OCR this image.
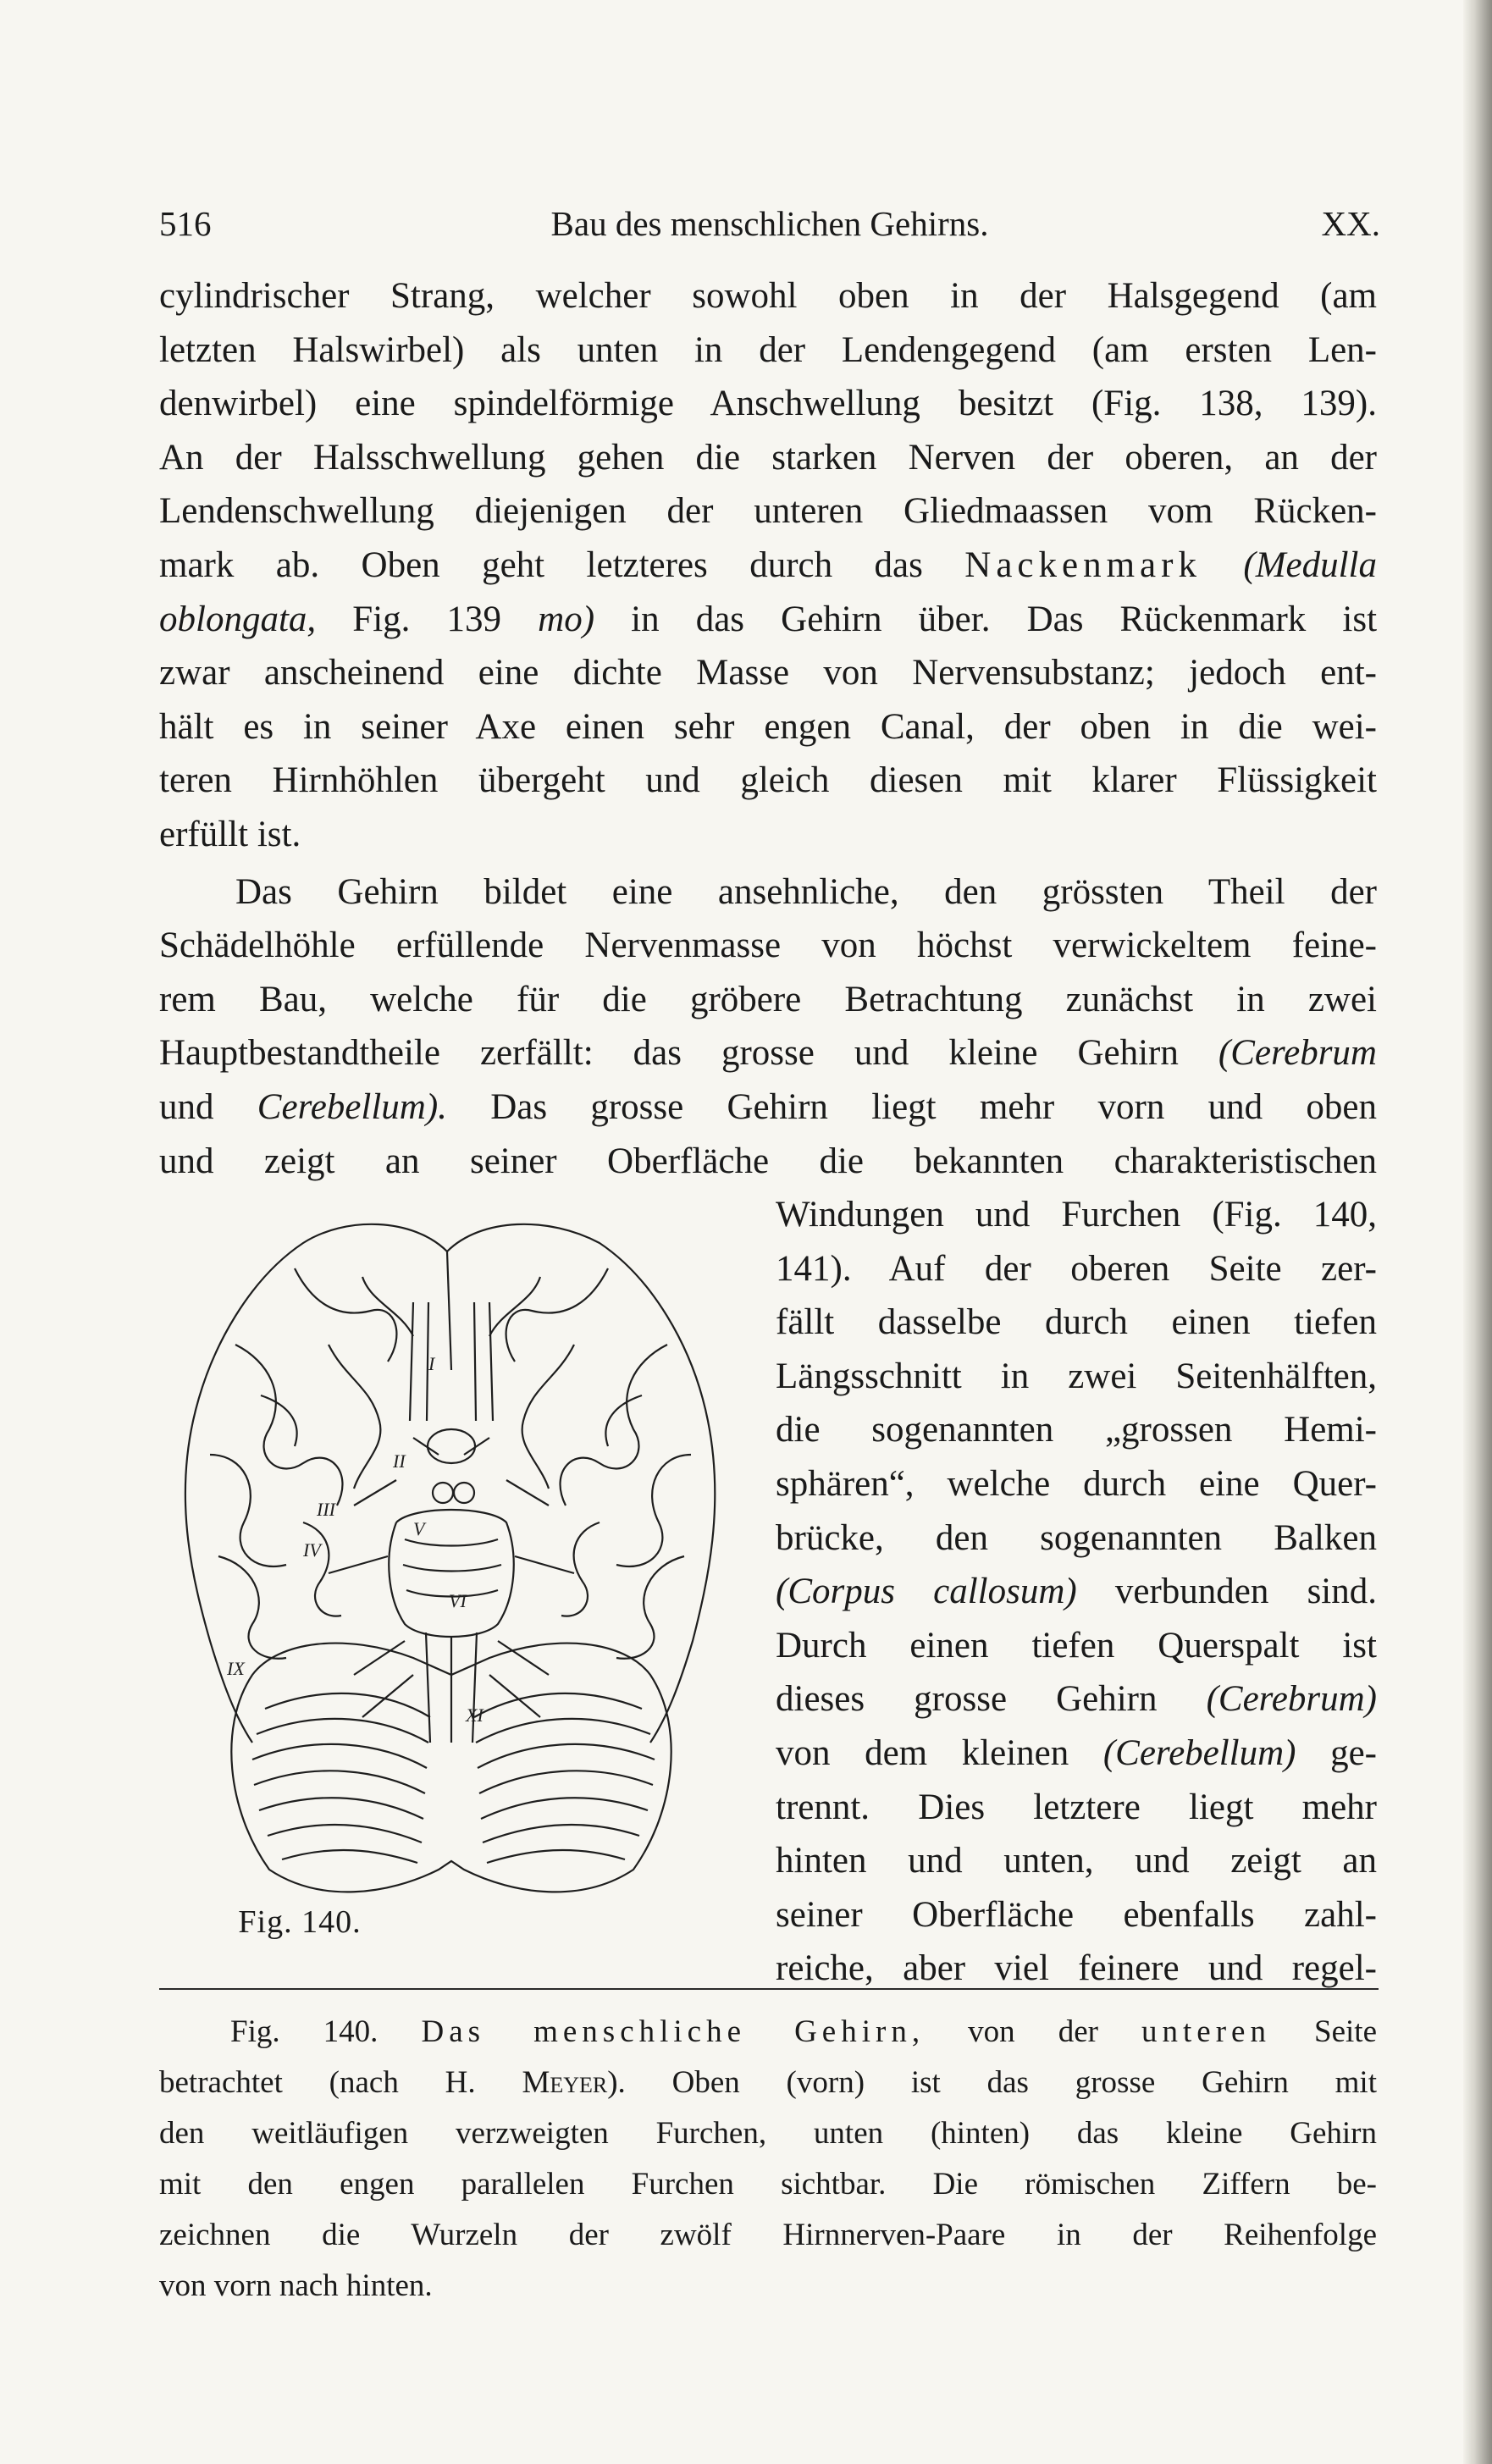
516	Bau des menschlichen Gehirns.	XX.
cylindrischer Strang, welcher sowohl oben in der Halsgegend (am
letzten Halswirbel) als unten in der Lendengegend (am ersten Len-
denwirbel) eine spindelförmige Anschwellung besitzt (Fig. 138, 139).
An der Halsschwellung gehen die starken Nerven der oberen, an der
Lendenschwellung diejenigen der unteren Gliedmaassen vom Rücken-
mark ab. Oben geht letzteres durch das Nackenmark (Medulla
oblongata, Fig. 139 mo) in das Gehirn über. Das Rückenmark ist
zwar anscheinend eine dichte Masse von Nervensubstanz; jedoch ent-
hält es in seiner Axe einen sehr engen Canal, der oben in die wei-
teren Hirnhöhlen übergeht und gleich diesen mit klarer Flüssigkeit
erfüllt ist.
Das Gehirn bildet eine ansehnliche, den grössten Theil der
Schädelhöhle erfüllende Nervenmasse von höchst verwickeltem feine-
rem Bau, welche für die gröbere Betrachtung zunächst in zwei
Hauptbestandtheile zerfällt: das grosse und kleine Gehirn (Cerebrum
und Cerebellum). Das grosse Gehirn liegt mehr vorn und oben
und zeigt an seiner Oberfläche die bekannten charakteristischen
Windungen und Furchen (Fig. 140,
141). Auf der oberen Seite zer-
fällt dasselbe durch einen tiefen
Längsschnitt in zwei Seitenhälften,
die sogenannten „grossen Hemi-
sphären“, welche durch eine Quer-
brücke, den sogenannten Balken
(Corpus callosum) verbunden sind.
Durch einen tiefen Querspalt ist
dieses grosse Gehirn (Cerebrum)
von dem kleinen (Cerebellum) ge-
trennt. Dies letztere liegt mehr
hinten und unten, und zeigt an
seiner Oberfläche ebenfalls zahl-
reiche, aber viel feinere und regel-
I
II
III
IV
V
VI
IX
XI
Fig. 140.
Fig. 140. Das menschliche Gehirn, von der unteren Seite
betrachtet (nach H. Meyer). Oben (vorn) ist das grosse Gehirn mit
den weitläufigen verzweigten Furchen, unten (hinten) das kleine Gehirn
mit den engen parallelen Furchen sichtbar. Die römischen Ziffern be-
zeichnen die Wurzeln der zwölf Hirnnerven-Paare in der Reihenfolge
von vorn nach hinten.
